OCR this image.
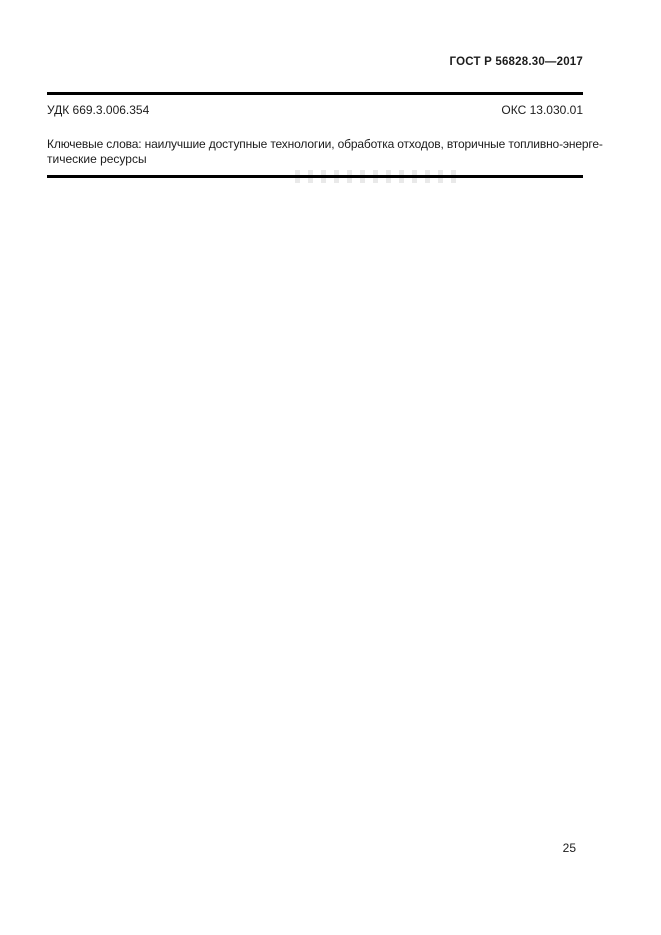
ГОСТ Р 56828.30—2017
УДК 669.3.006.354	ОКС 13.030.01
Ключевые слова: наилучшие доступные технологии, обработка отходов, вторичные топливно-энерге-
тические ресурсы
25
